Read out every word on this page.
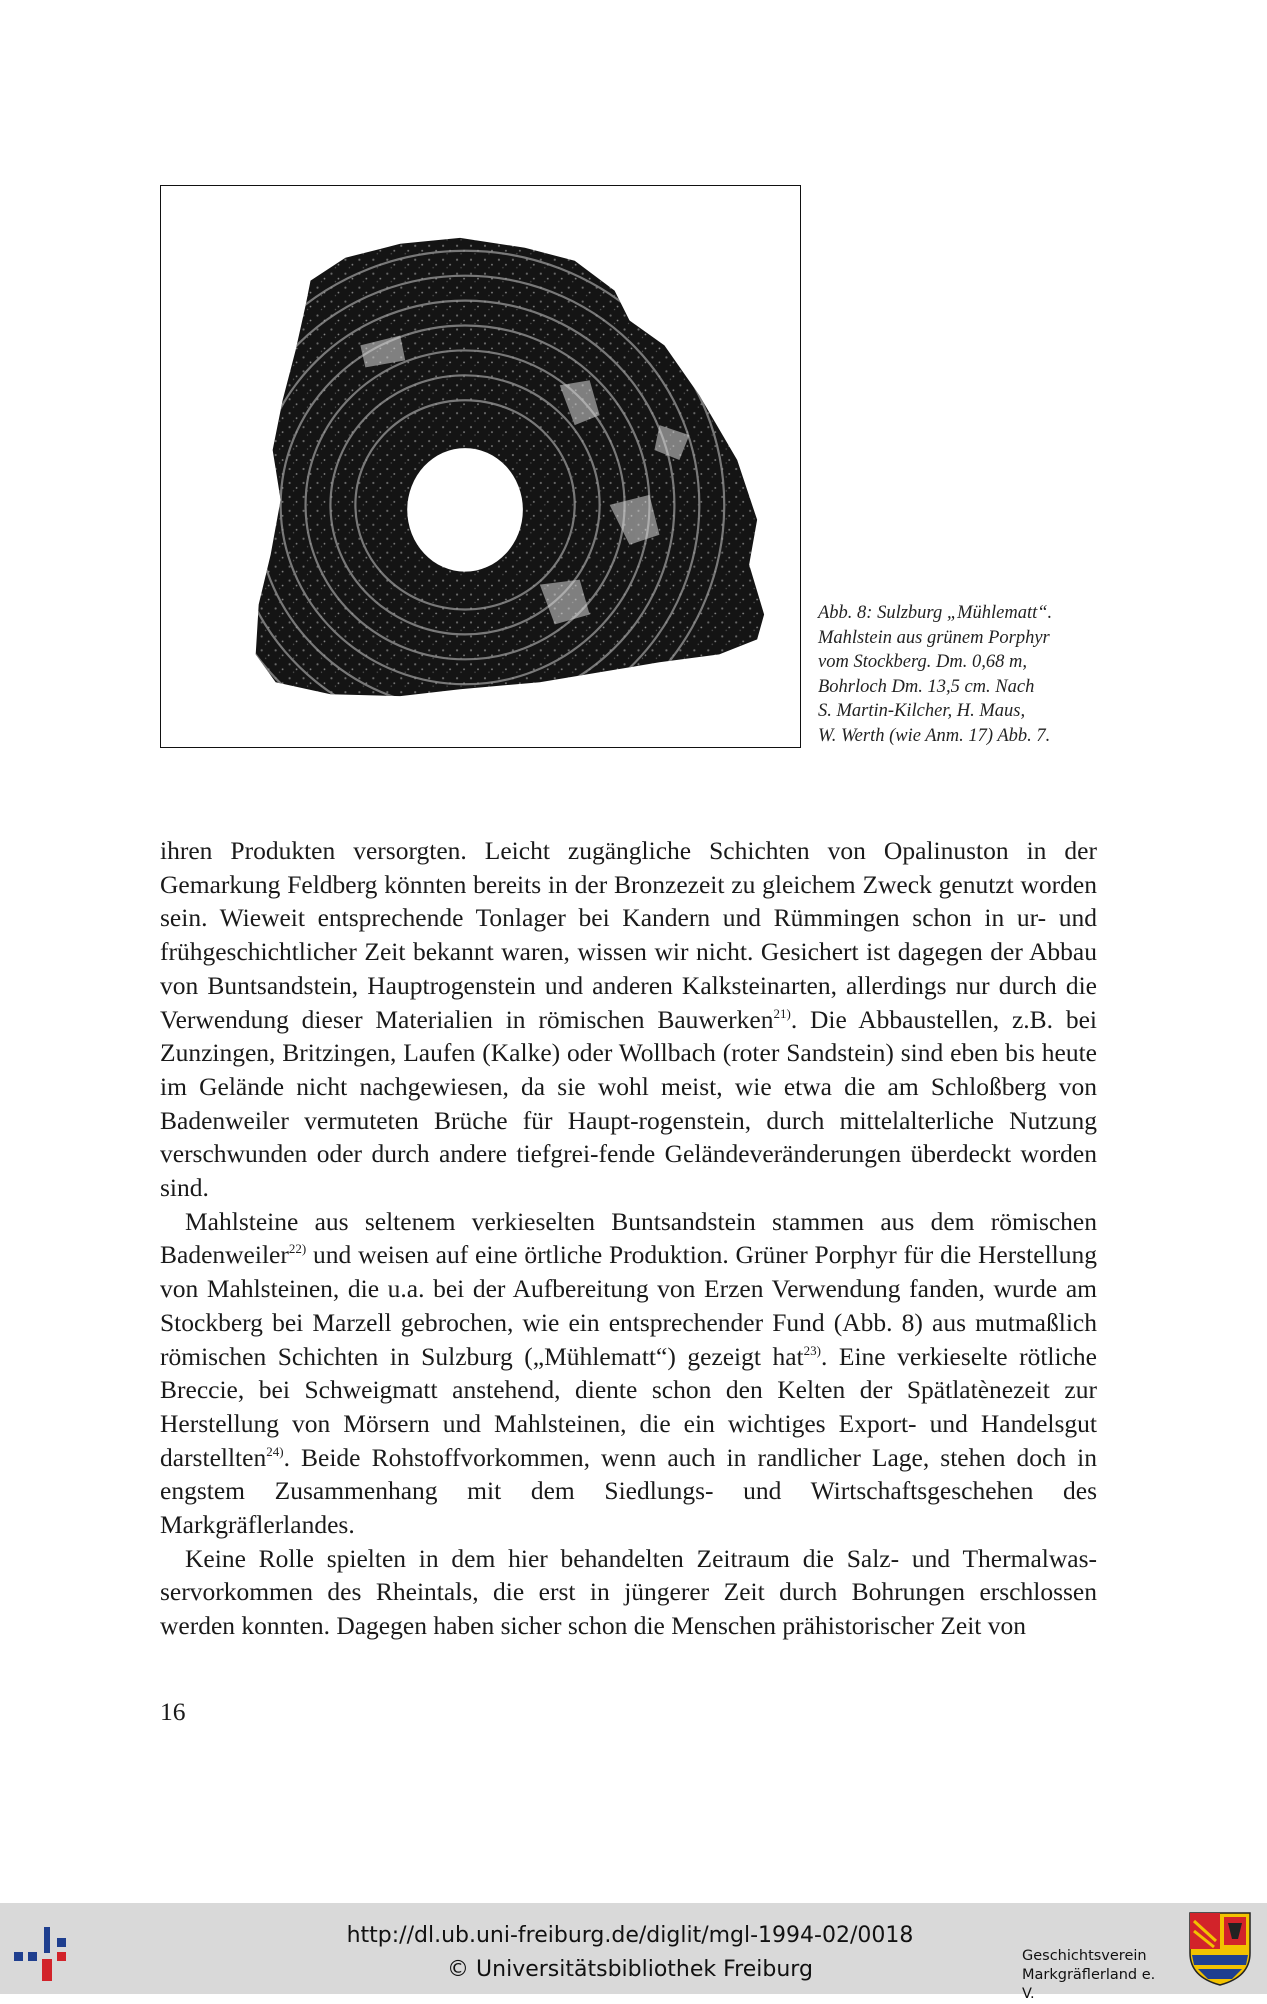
Abb. 8: Sulzburg „Mühlematt“.
Mahlstein aus grünem Porphyr
vom Stockberg. Dm. 0,68 m,
Bohrloch Dm. 13,5 cm. Nach
S. Martin-Kilcher, H. Maus,
W. Werth (wie Anm. 17) Abb. 7.

ihren Produkten versorgten. Leicht zugängliche Schichten von Opalinuston in der Gemarkung Feldberg könnten bereits in der Bronzezeit zu gleichem Zweck genutzt worden sein. Wieweit entsprechende Tonlager bei Kandern und Rümmingen schon in ur- und frühgeschichtlicher Zeit bekannt waren, wissen wir nicht. Gesichert ist dagegen der Abbau von Buntsandstein, Hauptrogenstein und anderen Kalksteinarten, allerdings nur durch die Verwendung dieser Materialien in römischen Bauwerken$^{21)}$. Die Abbaustellen, z.B. bei Zunzingen, Britzingen, Laufen (Kalke) oder Wollbach (roter Sandstein) sind eben bis heute im Gelände nicht nachgewiesen, da sie wohl meist, wie etwa die am Schloßberg von Badenweiler vermuteten Brüche für Haupt-rogenstein, durch mittelalterliche Nutzung verschwunden oder durch andere tiefgrei-fende Geländeveränderungen überdeckt worden sind.

Mahlsteine aus seltenem verkieselten Buntsandstein stammen aus dem römischen Badenweiler$^{22)}$ und weisen auf eine örtliche Produktion. Grüner Porphyr für die Herstellung von Mahlsteinen, die u.a. bei der Aufbereitung von Erzen Verwendung fanden, wurde am Stockberg bei Marzell gebrochen, wie ein entsprechender Fund (Abb. 8) aus mutmaßlich römischen Schichten in Sulzburg („Mühlematt“) gezeigt hat$^{23)}$. Eine verkieselte rötliche Breccie, bei Schweigmatt anstehend, diente schon den Kelten der Spätlatènezeit zur Herstellung von Mörsern und Mahlsteinen, die ein wichtiges Export- und Handelsgut darstellten$^{24)}$. Beide Rohstoffvorkommen, wenn auch in randlicher Lage, stehen doch in engstem Zusammenhang mit dem Siedlungs- und Wirtschaftsgeschehen des Markgräflerlandes.

Keine Rolle spielten in dem hier behandelten Zeitraum die Salz- und Thermalwas-servorkommen des Rheintals, die erst in jüngerer Zeit durch Bohrungen erschlossen werden konnten. Dagegen haben sicher schon die Menschen prähistorischer Zeit von

16
http://dl.ub.uni-freiburg.de/diglit/mgl-1994-02/0018
© Universitätsbibliothek Freiburg
Geschichtsverein
Markgräflerland e. V.
